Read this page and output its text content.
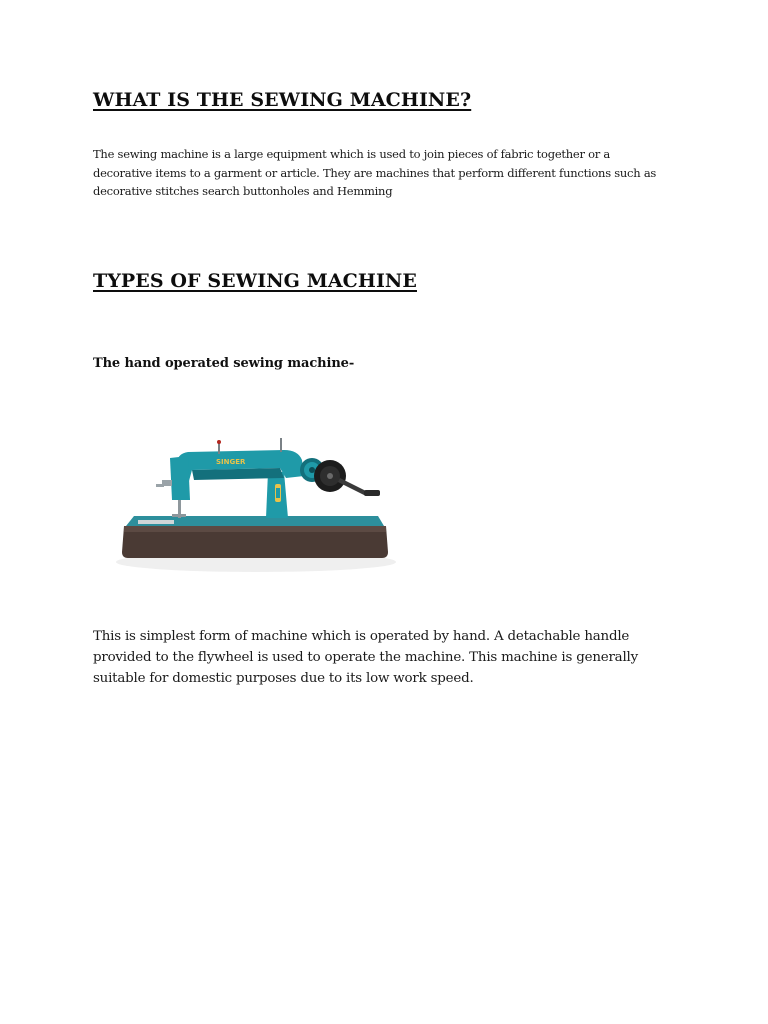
WHAT IS THE SEWING MACHINE?

The sewing machine is a large equipment which is used to join pieces of fabric together or a
decorative items to a garment or article. They are machines that perform different functions such as
decorative stitches search buttonholes and Hemming

TYPES OF SEWING MACHINE
The hand operated sewing machine-
SINGER

This is simplest form of machine which is operated by hand. A detachable handle
provided to the flywheel is used to operate the machine. This machine is generally
suitable for domestic purposes due to its low work speed.
